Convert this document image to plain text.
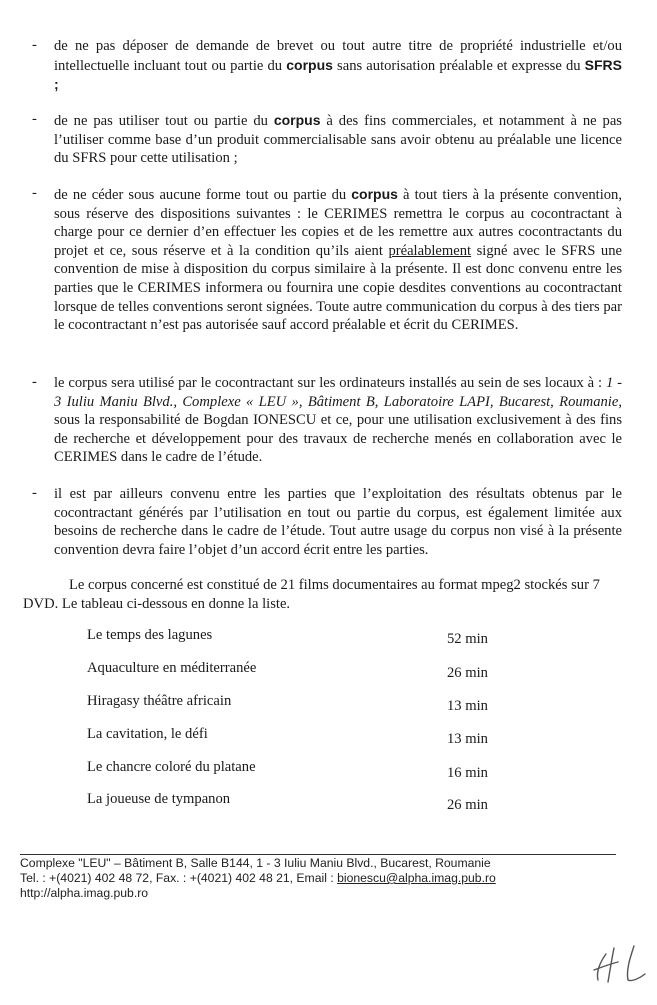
- de ne pas déposer de demande de brevet ou tout autre titre de propriété industrielle et/ou intellectuelle incluant tout ou partie du corpus sans autorisation préalable et expresse du SFRS ;
- de ne pas utiliser tout ou partie du corpus à des fins commerciales, et notamment à ne pas l’utiliser comme base d’un produit commercialisable sans avoir obtenu au préalable une licence du SFRS pour cette utilisation ;
- de ne céder sous aucune forme tout ou partie du corpus à tout tiers à la présente convention, sous réserve des dispositions suivantes : le CERIMES remettra le corpus au cocontractant à charge pour ce dernier d’en effectuer les copies et de les remettre aux autres cocontractants du projet et ce, sous réserve et à la condition qu’ils aient préalablement signé avec le SFRS une convention de mise à disposition du corpus similaire à la présente. Il est donc convenu entre les parties que le CERIMES informera ou fournira une copie desdites conventions au cocontractant lorsque de telles conventions seront signées. Toute autre communication du corpus à des tiers par le cocontractant n’est pas autorisée sauf accord préalable et écrit du CERIMES.
- le corpus sera utilisé par le cocontractant sur les ordinateurs installés au sein de ses locaux à : 1 - 3 Iuliu Maniu Blvd., Complexe « LEU », Bâtiment B, Laboratoire LAPI, Bucarest, Roumanie, sous la responsabilité de Bogdan IONESCU et ce, pour une utilisation exclusivement à des fins de recherche et développement pour des travaux de recherche menés en collaboration avec le CERIMES dans le cadre de l’étude.
- il est par ailleurs convenu entre les parties que l’exploitation des résultats obtenus par le cocontractant générés par l’utilisation en tout ou partie du corpus, est également limitée aux besoins de recherche dans le cadre de l’étude. Tout autre usage du corpus non visé à la présente convention devra faire l’objet d’un accord écrit entre les parties.
Le corpus concerné est constitué de 21 films documentaires au format mpeg2 stockés sur 7 DVD. Le tableau ci-dessous en donne la liste.
Le temps des lagunes	52 min
Aquaculture en méditerranée	26 min
Hiragasy théâtre africain	13 min
La cavitation, le défi	13 min
Le chancre coloré du platane	16 min
La joueuse de tympanon	26 min
Complexe "LEU" – Bâtiment B, Salle B144, 1 - 3 Iuliu Maniu Blvd., Bucarest, Roumanie
Tel. : +(4021) 402 48 72, Fax. : +(4021) 402 48 21, Email : bionescu@alpha.imag.pub.ro
http://alpha.imag.pub.ro
